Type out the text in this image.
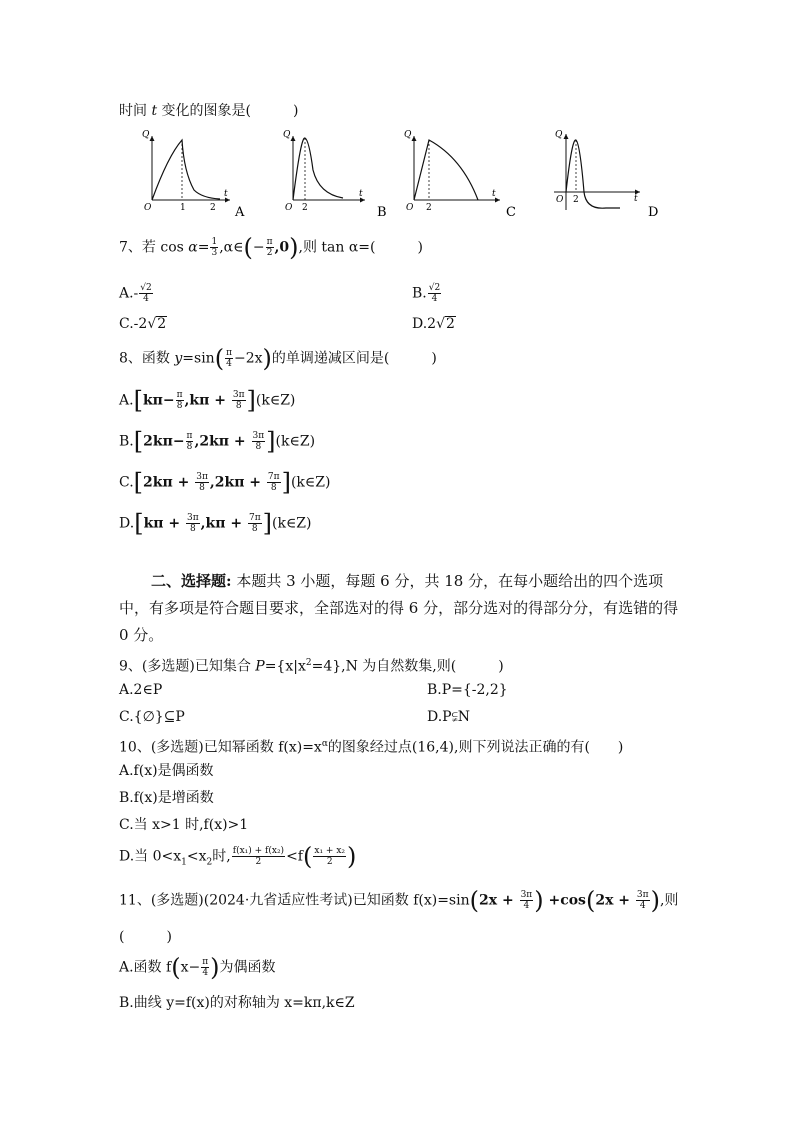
时间 t 变化的图象是(　　　)
Q
O	1	2
t
A
Q
O 2
t
B
Q
O 2
t
C
Q
O 2	t
D
7、若 $\cos \alpha= \frac{1}{3}$ ,α∈(− $\frac{\pi}{2} ,0$),则 tan α=(　　　)
$A.- \frac{√2}{4}$	B. $\frac{√2}{4}$
C.-2√2	D.2√2
8、函数 $y=\sin( \frac{\pi}{4} -2x)$的单调递减区间是(　　　)
$A.[k\pi- \frac{\pi}{8} ,k\pi + \frac{3\pi}{8}$ ](k∈Z)
$B.[2k\pi- \frac{\pi}{8} ,2k\pi + \frac{3\pi}{8}$ ](k∈Z)
$C.[2k\pi + \frac{3\pi}{8} ,2k\pi + \frac{7\pi}{8}$ ](k∈Z)
$D.[k\pi + \frac{3\pi}{8} ,k\pi + \frac{7\pi}{8}$ ](k∈Z)
二、选择题: 本题共 3 小题，每题 6 分，共 18 分，在每小题给出的四个选项中，有多项是符合题目要求，全部选对的得 6 分，部分选对的得部分分，有选错的得 0 分。
9、(多选题)已知集合 $P=\{x|x^2=4\},N$ 为自然数集,则(　　　)
A.2∈P	B.P={-2,2}
C.{∅}⊆P	D.P⫋N
10、(多选题)已知幂函数 $f(x)=x^\alpha$的图象经过点(16,4),则下列说法正确的有(　　)
A.f(x)是偶函数
B.f(x)是增函数
C.当 x>1 时,f(x)>1
D.当 $0<x_1<x_2$时, $\frac{\text{f(x₁) + f(x₂)}}{2} <f( \frac{\text{x₁ + x₂}}{2}$ )
11、(多选题)(2024·九省适应性考试)已知函数 $f(x)=\sin(2x + \frac{3\pi}{4}$ ) $+\cos(2x + \frac{3\pi}{4}$ ),则
(　　　)
A.函数 $f(x- \frac{\pi}{4}$ )为偶函数
B.曲线 y=f(x)的对称轴为 x=kπ,k∈Z
